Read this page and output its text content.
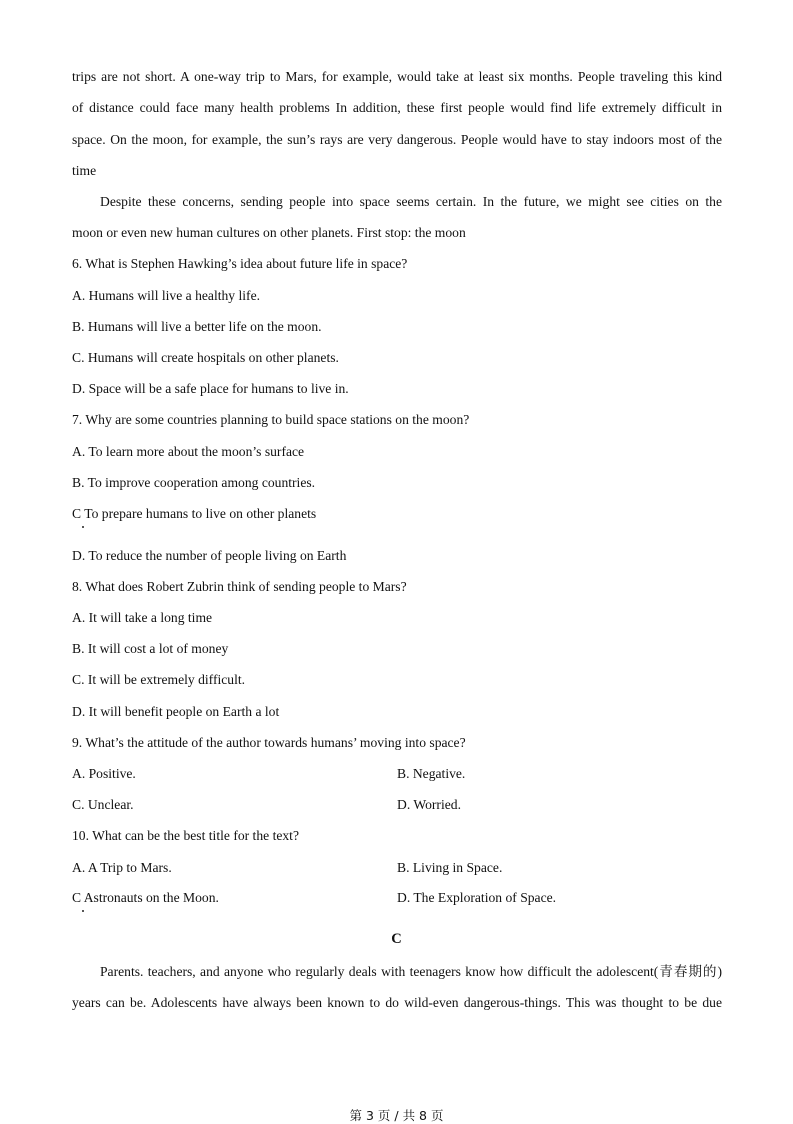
trips are not short. A one-way trip to Mars, for example, would take at least six months. People traveling this kind
of distance could face many health problems In addition, these first people would find life extremely difficult in
space. On the moon, for example, the sun’s rays are very dangerous. People would have to stay indoors most of the
time
Despite these concerns, sending people into space seems certain. In the future, we might see cities on the
moon or even new human cultures on other planets. First stop: the moon
6. What is Stephen Hawking’s idea about future life in space?
A. Humans will live a healthy life.
B. Humans will live a better life on the moon.
C. Humans will create hospitals on other planets.
D. Space will be a safe place for humans to live in.
7. Why are some countries planning to build space stations on the moon?
A. To learn more about the moon’s surface
B. To improve cooperation among countries.
C To prepare humans to live on other planets
D. To reduce the number of people living on Earth
8. What does Robert Zubrin think of sending people to Mars?
A. It will take a long time
B. It will cost a lot of money
C. It will be extremely difficult.
D. It will benefit people on Earth a lot
9. What’s the attitude of the author towards humans’ moving into space?
A. Positive.	B. Negative.
C. Unclear.	D. Worried.
10. What can be the best title for the text?
A. A Trip to Mars.	B. Living in Space.
C Astronauts on the Moon.	D. The Exploration of Space.
C
Parents. teachers, and anyone who regularly deals with teenagers know how difficult the adolescent(青春期的)
years can be. Adolescents have always been known to do wild-even dangerous-things. This was thought to be due
第 3 页 / 共 8 页
